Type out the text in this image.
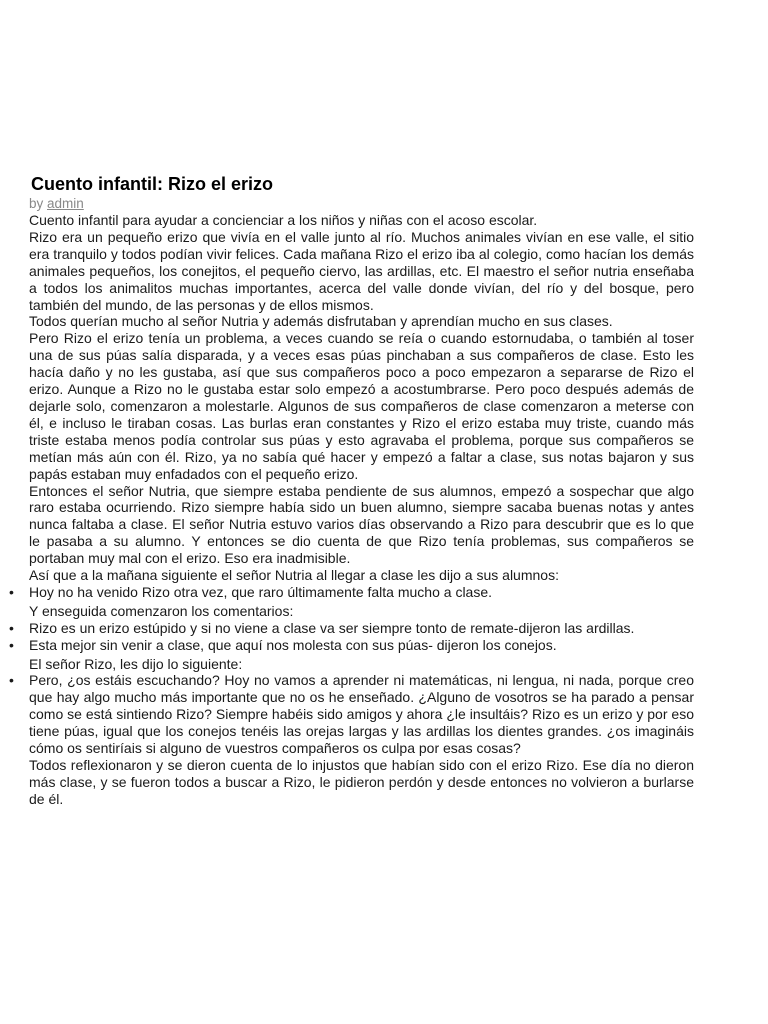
Cuento infantil: Rizo el erizo
by admin

Cuento infantil para ayudar a concienciar a los niños y niñas con el acoso escolar.

Rizo era un pequeño erizo que vivía en el valle junto al río. Muchos animales vivían en ese valle, el sitio era tranquilo y todos podían vivir felices. Cada mañana Rizo el erizo iba al colegio, como hacían los demás animales pequeños, los conejitos, el pequeño ciervo, las ardillas, etc. El maestro el señor nutria enseñaba a todos los animalitos muchas importantes, acerca del valle donde vivían, del río y del bosque, pero también del mundo, de las personas y de ellos mismos.

Todos querían mucho al señor Nutria y además disfrutaban y aprendían mucho en sus clases.

Pero Rizo el erizo tenía un problema, a veces cuando se reía o cuando estornudaba, o también al toser una de sus púas salía disparada, y a veces esas púas pinchaban a sus compañeros de clase. Esto les hacía daño y no les gustaba, así que sus compañeros poco a poco empezaron a separarse de Rizo el erizo. Aunque a Rizo no le gustaba estar solo empezó a acostumbrarse. Pero poco después además de dejarle solo, comenzaron a molestarle. Algunos de sus compañeros de clase comenzaron a meterse con él, e incluso le tiraban cosas. Las burlas eran constantes y Rizo el erizo estaba muy triste, cuando más triste estaba menos podía controlar sus púas y esto agravaba el problema, porque sus compañeros se metían más aún con él. Rizo, ya no sabía qué hacer y empezó a faltar a clase, sus notas bajaron y sus papás estaban muy enfadados con el pequeño erizo.

Entonces el señor Nutria, que siempre estaba pendiente de sus alumnos, empezó a sospechar que algo raro estaba ocurriendo. Rizo siempre había sido un buen alumno, siempre sacaba buenas notas y antes nunca faltaba a clase. El señor Nutria estuvo varios días observando a Rizo para descubrir que es lo que le pasaba a su alumno. Y entonces se dio cuenta de que Rizo tenía problemas, sus compañeros se portaban muy mal con el erizo. Eso era inadmisible.

Así que a la mañana siguiente el señor Nutria al llegar a clase les dijo a sus alumnos:

• Hoy no ha venido Rizo otra vez, que raro últimamente falta mucho a clase.

Y enseguida comenzaron los comentarios:

• Rizo es un erizo estúpido y si no viene a clase va ser siempre tonto de remate-dijeron las ardillas.
• Esta mejor sin venir a clase, que aquí nos molesta con sus púas- dijeron los conejos.

El señor Rizo, les dijo lo siguiente:

• Pero, ¿os estáis escuchando? Hoy no vamos a aprender ni matemáticas, ni lengua, ni nada, porque creo que hay algo mucho más importante que no os he enseñado. ¿Alguno de vosotros se ha parado a pensar como se está sintiendo Rizo? Siempre habéis sido amigos y ahora ¿le insultáis? Rizo es un erizo y por eso tiene púas, igual que los conejos tenéis las orejas largas y las ardillas los dientes grandes. ¿os imagináis cómo os sentiríais si alguno de vuestros compañeros os culpa por esas cosas?

Todos reflexionaron y se dieron cuenta de lo injustos que habían sido con el erizo Rizo. Ese día no dieron más clase, y se fueron todos a buscar a Rizo, le pidieron perdón y desde entonces no volvieron a burlarse de él.
